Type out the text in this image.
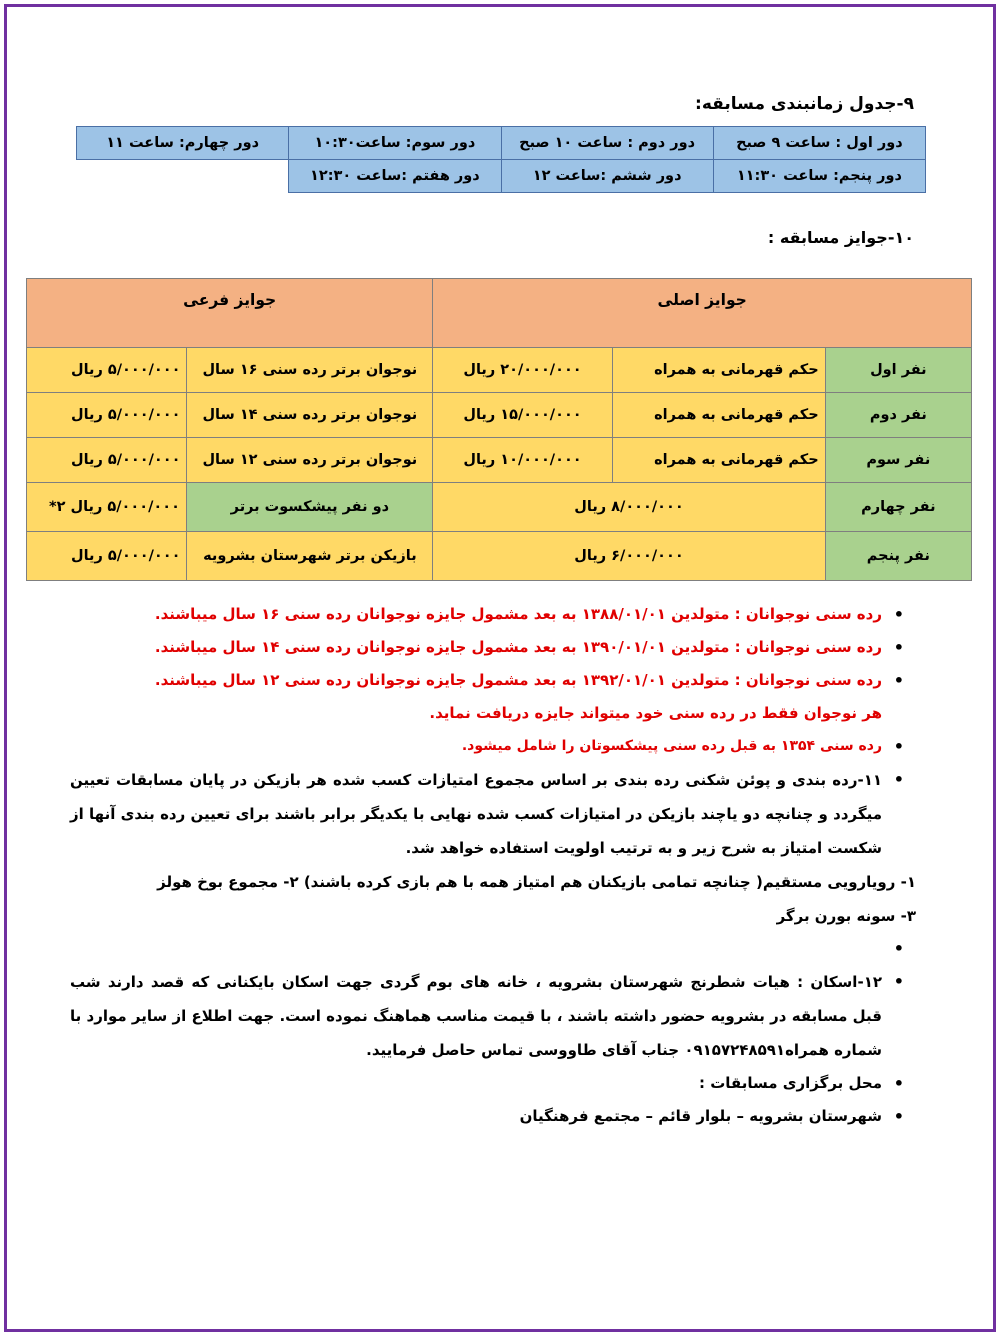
۹-جدول زمانبندی مسابقه:
دور اول : ساعت ۹ صبح	دور دوم : ساعت ۱۰ صبح	دور سوم: ساعت۱۰:۳۰	دور چهارم: ساعت ۱۱
دور پنجم: ساعت ۱۱:۳۰	دور ششم :ساعت ۱۲	دور هفتم :ساعت ۱۲:۳۰	
۱۰-جوایز مسابقه :
جوایز اصلی			جوایز فرعی	
نفر اول	حکم قهرمانی به همراه	۲۰/۰۰۰/۰۰۰ ریال	نوجوان برتر رده سنی ۱۶ سال	۵/۰۰۰/۰۰۰ ریال
نفر دوم	حکم قهرمانی به همراه	۱۵/۰۰۰/۰۰۰ ریال	نوجوان برتر رده سنی ۱۴ سال	۵/۰۰۰/۰۰۰ ریال
نفر سوم	حکم قهرمانی به همراه	۱۰/۰۰۰/۰۰۰ ریال	نوجوان برتر رده سنی ۱۲ سال	۵/۰۰۰/۰۰۰ ریال
نفر چهارم	۸/۰۰۰/۰۰۰ ریال		دو نفر پیشکسوت برتر	۵/۰۰۰/۰۰۰ ریال ۲*
نفر پنجم	۶/۰۰۰/۰۰۰ ریال		بازیکن برتر شهرستان بشرویه	۵/۰۰۰/۰۰۰ ریال
• رده سنی نوجوانان : متولدین ۱۳۸۸/۰۱/۰۱ به بعد مشمول جایزه نوجوانان رده سنی ۱۶ سال میباشند.
• رده سنی نوجوانان : متولدین ۱۳۹۰/۰۱/۰۱ به بعد مشمول جایزه نوجوانان رده سنی ۱۴ سال میباشند.
• رده سنی نوجوانان : متولدین ۱۳۹۲/۰۱/۰۱ به بعد مشمول جایزه نوجوانان رده سنی ۱۲ سال میباشند.
هر نوجوان فقط در رده سنی خود میتواند جایزه دریافت نماید.
• رده سنی ۱۳۵۴ به قبل رده سنی پیشکسوتان را شامل میشود.
• ۱۱-رده بندی و پوئن شکنی رده بندی بر اساس مجموع امتیازات کسب شده هر بازیکن در پایان مسابقات تعیین میگردد و چنانچه دو یاچند بازیکن در امتیازات کسب شده نهایی با یکدیگر برابر باشند برای تعیین رده بندی آنها از شکست امتیاز به شرح زیر و به ترتیب اولویت استفاده خواهد شد.
۱- رویارویی مستقیم( چنانچه تمامی بازیکنان هم امتیاز همه با هم بازی کرده باشند) ۲- مجموع بوخ هولز
۳- سونه بورن برگر
•
• ۱۲-اسکان : هیات شطرنج شهرستان بشرویه ، خانه های بوم گردی جهت اسکان بایکنانی که قصد دارند شب قبل مسابقه در بشرویه حضور داشته باشند ، با قیمت مناسب هماهنگ نموده است. جهت اطلاع از سایر موارد با شماره همراه۰۹۱۵۷۲۴۸۵۹۱ جناب آقای طاووسی تماس حاصل فرمایید.
• محل برگزاری مسابقات :
• شهرستان بشرویه – بلوار قائم – مجتمع فرهنگیان
